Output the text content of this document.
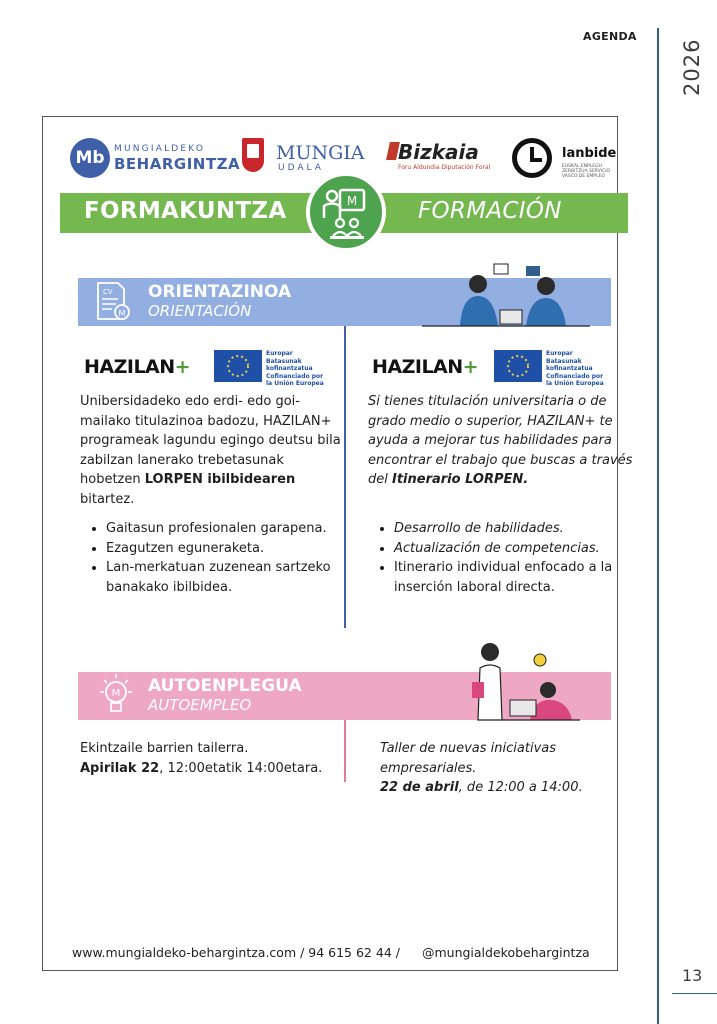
AGENDA
2026
13
Mb	MUNGIALDEKO
BEHARGINTZA MUNGIA
UDALA
Bizkaia
Foru Aldundia Diputación Foral
lanbide
EUSKAL ENPLEGU ZERBITZUA SERVICIO VASCO DE EMPLEO
FORMAKUNTZA	FORMACIÓN
M
CV
M
ORIENTAZINOA
ORIENTACIÓN
HAZILAN+
Europar Batasunak
kofinantzatua
Cofinanciado por
la Unión Europea
HAZILAN+
Europar Batasunak
kofinantzatua
Cofinanciado por
la Unión Europea
Unibersidadeko edo erdi- edo goi-mailako titulazinoa badozu, HAZILAN+ programeak lagundu egingo deutsu bila zabilzan lanerako trebetasunak hobetzen LORPEN ibilbidearen bitartez.
• Gaitasun profesionalen garapena.
• Ezagutzen eguneraketa.
• Lan-merkatuan zuzenean sartzeko banakako ibilbidea.
Si tienes titulación universitaria o de grado medio o superior, HAZILAN+ te ayuda a mejorar tus habilidades para encontrar el trabajo que buscas a través del Itinerario LORPEN.
• Desarrollo de habilidades.
• Actualización de competencias.
• Itinerario individual enfocado a la inserción laboral directa.
M AUTOENPLEGUA
AUTOEMPLEO
Ekintzaile barrien tailerra.
Apirilak 22, 12:00etatik 14:00etara.
Taller de nuevas iniciativas empresariales.
22 de abril, de 12:00 a 14:00.
www.mungialdeko-behargintza.com / 94 615 62 44 / @mungialdekobehargintza
